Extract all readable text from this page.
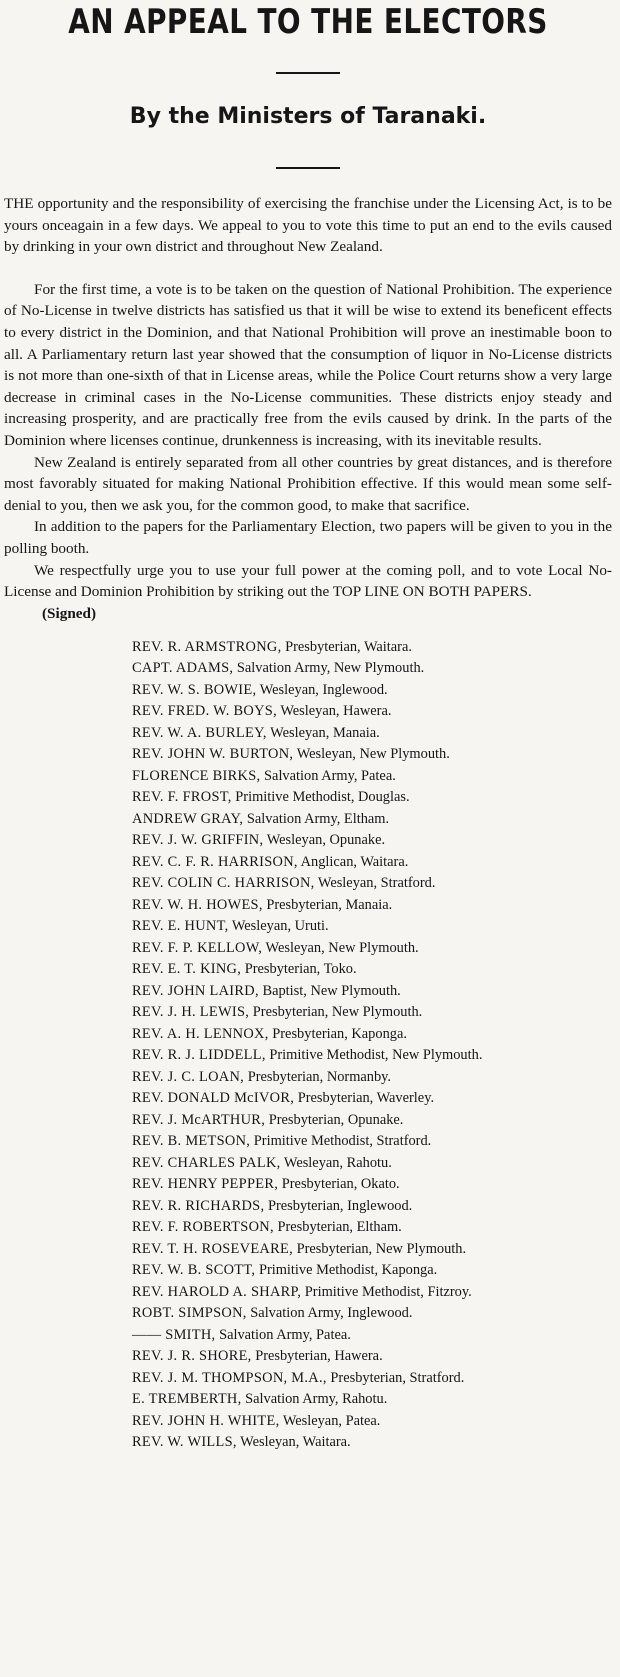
AN APPEAL TO THE ELECTORS
By the Ministers of Taranaki.

THE opportunity and the responsibility of exercising the franchise under the Licensing Act, is to be yours onceagain in a few days. We appeal to you to vote this time to put an end to the evils caused by drinking in your own district and throughout New Zealand.

For the first time, a vote is to be taken on the question of National Prohibition. The experience of No-License in twelve districts has satisfied us that it will be wise to extend its beneficent effects to every district in the Dominion, and that National Prohibition will prove an inestimable boon to all. A Parliamentary return last year showed that the consumption of liquor in No-License districts is not more than one-sixth of that in License areas, while the Police Court returns show a very large decrease in criminal cases in the No-License communities. These districts enjoy steady and increasing prosperity, and are practically free from the evils caused by drink. In the parts of the Dominion where licenses continue, drunkenness is increasing, with its inevitable results.

New Zealand is entirely separated from all other countries by great distances, and is therefore most favorably situated for making National Prohibition effective. If this would mean some self-denial to you, then we ask you, for the common good, to make that sacrifice.

In addition to the papers for the Parliamentary Election, two papers will be given to you in the polling booth.

We respectfully urge you to use your full power at the coming poll, and to vote Local No-License and Dominion Prohibition by striking out the TOP LINE ON BOTH PAPERS.

(Signed)

REV. R. ARMSTRONG, Presbyterian, Waitara.
CAPT. ADAMS, Salvation Army, New Plymouth.
REV. W. S. BOWIE, Wesleyan, Inglewood.
REV. FRED. W. BOYS, Wesleyan, Hawera.
REV. W. A. BURLEY, Wesleyan, Manaia.
REV. JOHN W. BURTON, Wesleyan, New Plymouth.
FLORENCE BIRKS, Salvation Army, Patea.
REV. F. FROST, Primitive Methodist, Douglas.
ANDREW GRAY, Salvation Army, Eltham.
REV. J. W. GRIFFIN, Wesleyan, Opunake.
REV. C. F. R. HARRISON, Anglican, Waitara.
REV. COLIN C. HARRISON, Wesleyan, Stratford.
REV. W. H. HOWES, Presbyterian, Manaia.
REV. E. HUNT, Wesleyan, Uruti.
REV. F. P. KELLOW, Wesleyan, New Plymouth.
REV. E. T. KING, Presbyterian, Toko.
REV. JOHN LAIRD, Baptist, New Plymouth.
REV. J. H. LEWIS, Presbyterian, New Plymouth.
REV. A. H. LENNOX, Presbyterian, Kaponga.
REV. R. J. LIDDELL, Primitive Methodist, New Plymouth.
REV. J. C. LOAN, Presbyterian, Normanby.
REV. DONALD McIVOR, Presbyterian, Waverley.
REV. J. McARTHUR, Presbyterian, Opunake.
REV. B. METSON, Primitive Methodist, Stratford.
REV. CHARLES PALK, Wesleyan, Rahotu.
REV. HENRY PEPPER, Presbyterian, Okato.
REV. R. RICHARDS, Presbyterian, Inglewood.
REV. F. ROBERTSON, Presbyterian, Eltham.
REV. T. H. ROSEVEARE, Presbyterian, New Plymouth.
REV. W. B. SCOTT, Primitive Methodist, Kaponga.
REV. HAROLD A. SHARP, Primitive Methodist, Fitzroy.
ROBT. SIMPSON, Salvation Army, Inglewood.
—— SMITH, Salvation Army, Patea.
REV. J. R. SHORE, Presbyterian, Hawera.
REV. J. M. THOMPSON, M.A., Presbyterian, Stratford.
E. TREMBERTH, Salvation Army, Rahotu.
REV. JOHN H. WHITE, Wesleyan, Patea.
REV. W. WILLS, Wesleyan, Waitara.
